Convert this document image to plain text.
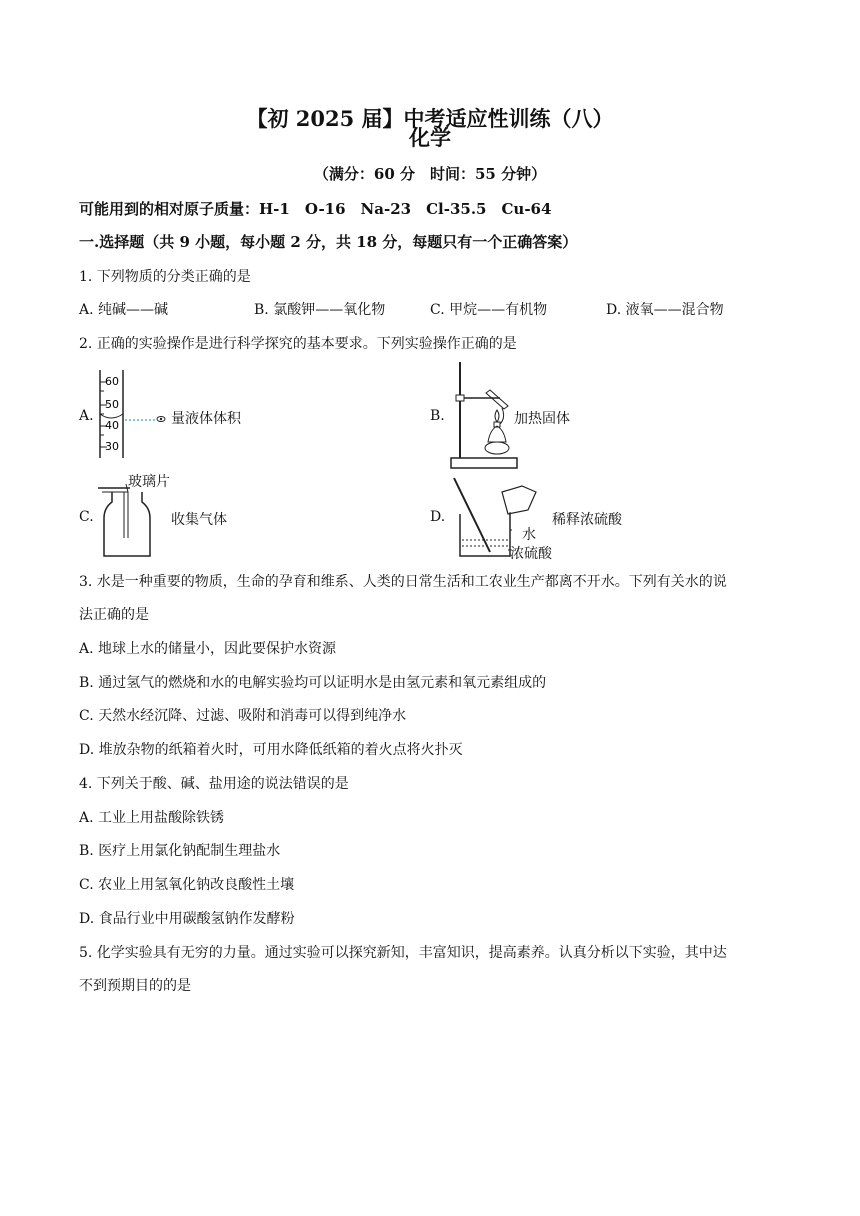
【初 2025 届】中考适应性训练（八）
化学
（满分：60 分　时间：55 分钟）
可能用到的相对原子质量：H-1　O-16　Na-23　Cl-35.5　Cu-64
一.选择题（共 9 小题，每小题 2 分，共 18 分，每题只有一个正确答案）
1. 下列物质的分类正确的是
A. 纯碱——碱	B. 氯酸钾——氧化物	C. 甲烷——有机物	D. 液氧——混合物
2. 正确的实验操作是进行科学探究的基本要求。下列实验操作正确的是
A.
60
50
40
30
量液体体积	B.	加热固体
玻璃片
C.	收集气体	D.
水
浓硫酸
稀释浓硫酸
3. 水是一种重要的物质，生命的孕育和维系、人类的日常生活和工农业生产都离不开水。下列有关水的说
法正确的是
A. 地球上水的储量小，因此要保护水资源
B. 通过氢气的燃烧和水的电解实验均可以证明水是由氢元素和氧元素组成的
C. 天然水经沉降、过滤、吸附和消毒可以得到纯净水
D. 堆放杂物的纸箱着火时，可用水降低纸箱的着火点将火扑灭
4. 下列关于酸、碱、盐用途的说法错误的是
A. 工业上用盐酸除铁锈
B. 医疗上用氯化钠配制生理盐水
C. 农业上用氢氧化钠改良酸性土壤
D. 食品行业中用碳酸氢钠作发酵粉
5. 化学实验具有无穷的力量。通过实验可以探究新知，丰富知识，提高素养。认真分析以下实验，其中达
不到预期目的的是
